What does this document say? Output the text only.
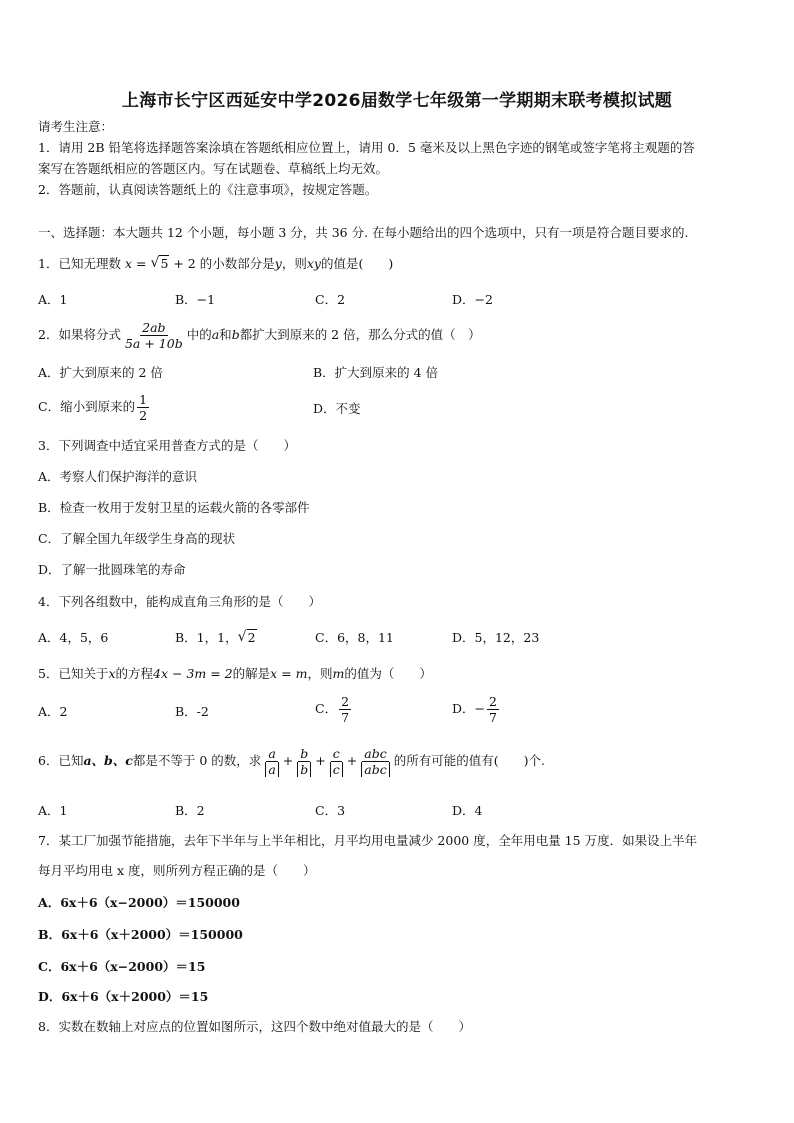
上海市长宁区西延安中学2026届数学七年级第一学期期末联考模拟试题
请考生注意：
1．请用 2B 铅笔将选择题答案涂填在答题纸相应位置上，请用 0．5 毫米及以上黑色字迹的钢笔或签字笔将主观题的答
案写在答题纸相应的答题区内。写在试题卷、草稿纸上均无效。
2．答题前，认真阅读答题纸上的《注意事项》，按规定答题。
一、选择题：本大题共 12 个小题，每小题 3 分，共 36 分. 在每小题给出的四个选项中，只有一项是符合题目要求的.
1．已知无理数 x = √ 5 + 2 的小数部分是y，则xy的值是(　　)
A．1	B．−1	C．2	D．−2
2．如果将分式 $\frac{2ab}{5a + 10b}$ 中的a和b都扩大到原来的 2 倍，那么分式的值（　）
A．扩大到原来的 2 倍	B．扩大到原来的 4 倍
C．缩小到原来的 $\frac{1}{2}$	D．不变
3．下列调查中适宜采用普查方式的是（　　）
A．考察人们保护海洋的意识
B．检查一枚用于发射卫星的运载火箭的各零部件
C．了解全国九年级学生身高的现状
D．了解一批圆珠笔的寿命
4．下列各组数中，能构成直角三角形的是（　　）
A．4，5，6	B．1，1，√ 2	C．6，8，11	D．5，12，23
5．已知关于x的方程4x − 3m = 2的解是x = m，则m的值为（　　）
A．2	B．-2	C． $\frac{2}{7}$	D．− $\frac{2}{7}$
6．已知a、b、c都是不等于 0 的数，求 $\frac{a}{a} + \frac{b}{b} + \frac{c}{c} + \frac{\text{abc}}{\text{abc}}$ 的所有可能的值有(　　)个.
A．1	B．2	C．3	D．4
7．某工厂加强节能措施，去年下半年与上半年相比，月平均用电量减少 2000 度，全年用电量 15 万度．如果设上半年
每月平均用电 x 度，则所列方程正确的是（　　）
A．6x＋6（x−2000）＝150000
B．6x＋6（x＋2000）＝150000
C．6x＋6（x−2000）＝15
D．6x＋6（x＋2000）＝15
8．实数在数轴上对应点的位置如图所示，这四个数中绝对值最大的是（　　）
